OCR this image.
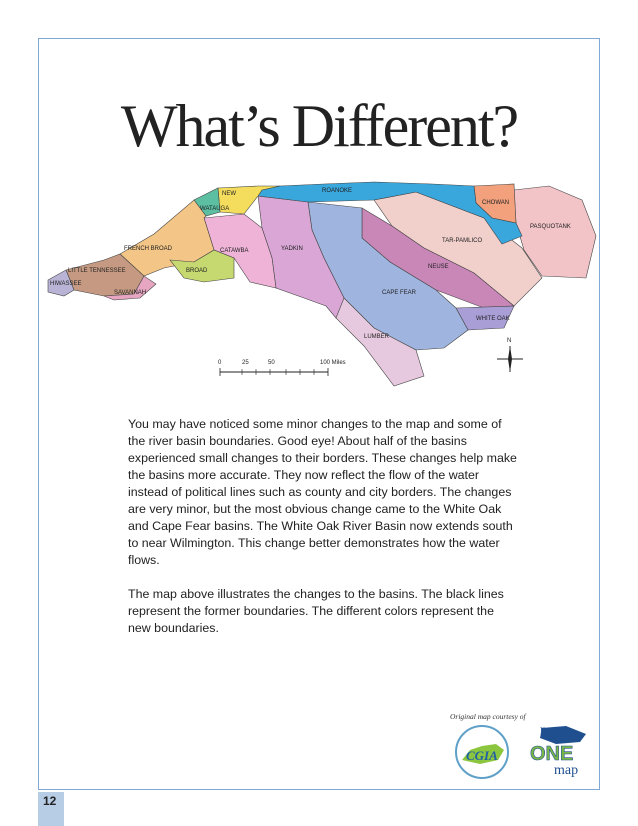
What’s Different?
NEW
WATAUGA
ROANOKE
CHOWAN
PASQUOTANK
TAR-PAMLICO
FRENCH BROAD	CATAWBA	YADKIN
NEUSE
LITTLE TENNESSEE	BROAD
HIWASSEE
SAVANNAH	CAPE FEAR
WHITE OAK
LUMBER
N
0	25	50	100 Miles

You may have noticed some minor changes to the map and some of the river basin boundaries. Good eye! About half of the basins experienced small changes to their borders. These changes help make the basins more accurate. They now reflect the flow of the water instead of political lines such as county and city borders. The changes are very minor, but the most obvious change came to the White Oak and Cape Fear basins. The White Oak River Basin now extends south to near Wilmington. This change better demonstrates how the water flows.

The map above illustrates the changes to the basins. The black lines represent the former boundaries. The different colors represent the new boundaries.

Original map courtesy of
CGIA
nc
ONE
map
12
